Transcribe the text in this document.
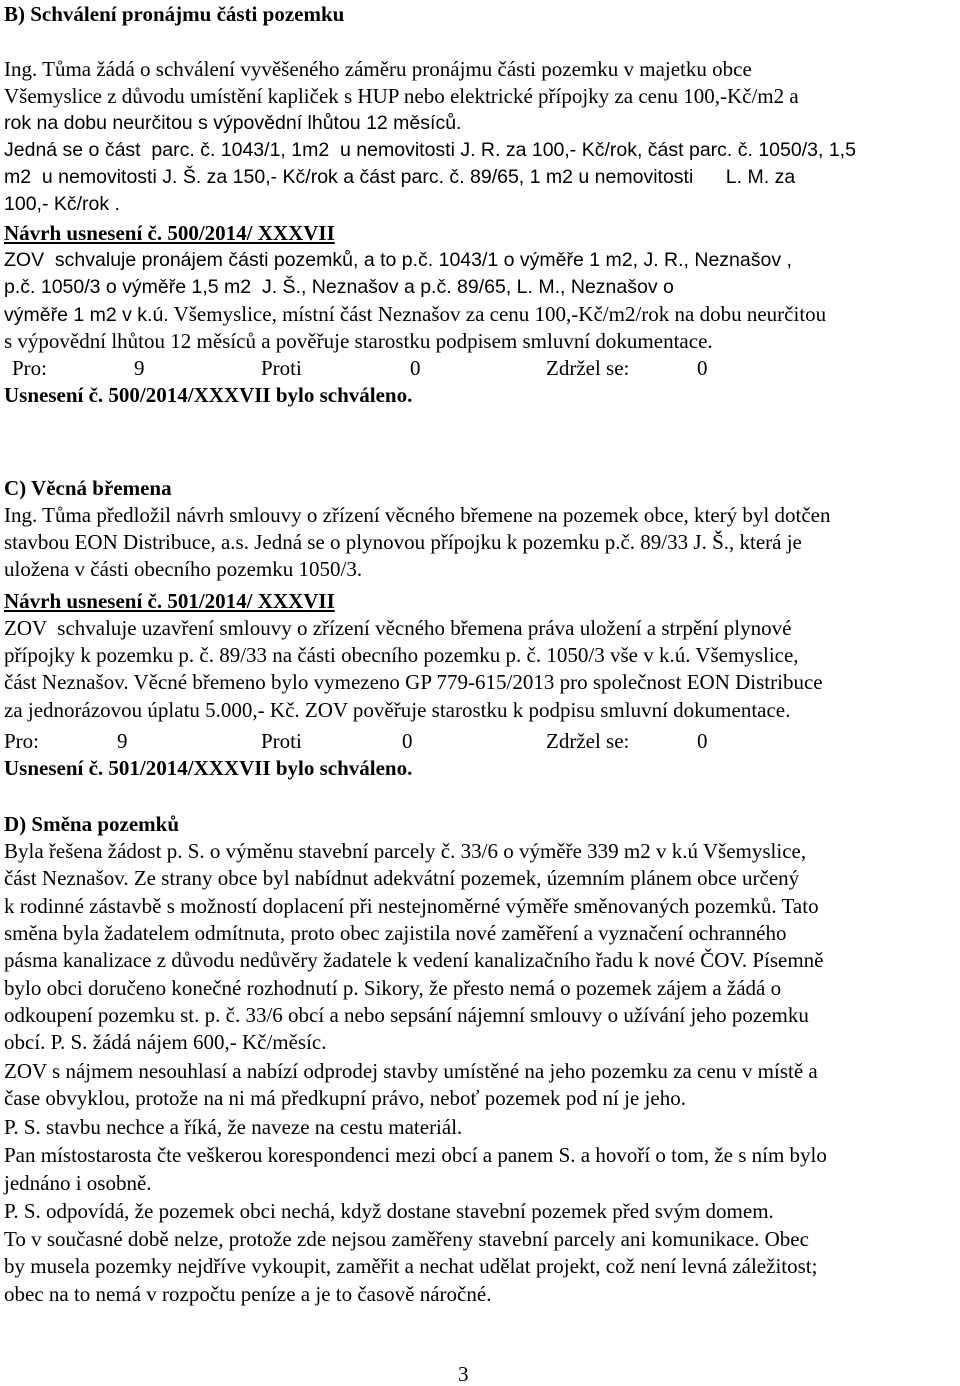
B) Schválení pronájmu části pozemku
Ing. Tůma žádá o schválení vyvěšeného záměru pronájmu části pozemku v majetku obce
Všemyslice z důvodu umístění kapliček s HUP nebo elektrické přípojky za cenu 100,-Kč/m2 a
rok na dobu neurčitou s výpovědní lhůtou 12 měsíců.
Jedná se o část  parc. č. 1043/1, 1m2  u nemovitosti J. R. za 100,- Kč/rok, část parc. č. 1050/3, 1,5
m2  u nemovitosti J. Š. za 150,- Kč/rok a část parc. č. 89/65, 1 m2 u nemovitosti      L. M. za
100,- Kč/rok .
Návrh usnesení č. 500/2014/ XXXVII
ZOV  schvaluje pronájem části pozemků, a to p.č. 1043/1 o výměře 1 m2, J. R., Neznašov ,
p.č. 1050/3 o výměře 1,5 m2  J. Š., Neznašov a p.č. 89/65, L. M., Neznašov o
výměře 1 m2 v k.ú. Všemyslice, místní část Neznašov za cenu 100,-Kč/m2/rok na dobu neurčitou
s výpovědní lhůtou 12 měsíců a pověřuje starostku podpisem smluvní dokumentace.
Pro:	9	Proti	0	Zdržel se:	0
Usnesení č. 500/2014/XXXVII bylo schváleno.
C) Věcná břemena
Ing. Tůma předložil návrh smlouvy o zřízení věcného břemene na pozemek obce, který byl dotčen
stavbou EON Distribuce, a.s. Jedná se o plynovou přípojku k pozemku p.č. 89/33 J. Š., která je
uložena v části obecního pozemku 1050/3.
Návrh usnesení č. 501/2014/ XXXVII
ZOV  schvaluje uzavření smlouvy o zřízení věcného břemena práva uložení a strpění plynové
přípojky k pozemku p. č. 89/33 na části obecního pozemku p. č. 1050/3 vše v k.ú. Všemyslice,
část Neznašov. Věcné břemeno bylo vymezeno GP 779-615/2013 pro společnost EON Distribuce
za jednorázovou úplatu 5.000,- Kč. ZOV pověřuje starostku k podpisu smluvní dokumentace.
Pro:	9	Proti	0	Zdržel se:	0
Usnesení č. 501/2014/XXXVII bylo schváleno.
D) Směna pozemků
Byla řešena žádost p. S. o výměnu stavební parcely č. 33/6 o výměře 339 m2 v k.ú Všemyslice,
část Neznašov. Ze strany obce byl nabídnut adekvátní pozemek, územním plánem obce určený
k rodinné zástavbě s možností doplacení při nestejnoměrné výměře směnovaných pozemků. Tato
směna byla žadatelem odmítnuta, proto obec zajistila nové zaměření a vyznačení ochranného
pásma kanalizace z důvodu nedůvěry žadatele k vedení kanalizačního řadu k nové ČOV. Písemně
bylo obci doručeno konečné rozhodnutí p. Sikory, že přesto nemá o pozemek zájem a žádá o
odkoupení pozemku st. p. č. 33/6 obcí a nebo sepsání nájemní smlouvy o užívání jeho pozemku
obcí. P. S. žádá nájem 600,- Kč/měsíc.
ZOV s nájmem nesouhlasí a nabízí odprodej stavby umístěné na jeho pozemku za cenu v místě a
čase obvyklou, protože na ni má předkupní právo, neboť pozemek pod ní je jeho.
P. S. stavbu nechce a říká, že naveze na cestu materiál.
Pan místostarosta čte veškerou korespondenci mezi obcí a panem S. a hovoří o tom, že s ním bylo
jednáno i osobně.
P. S. odpovídá, že pozemek obci nechá, když dostane stavební pozemek před svým domem.
To v současné době nelze, protože zde nejsou zaměřeny stavební parcely ani komunikace. Obec
by musela pozemky nejdříve vykoupit, zaměřit a nechat udělat projekt, což není levná záležitost;
obec na to nemá v rozpočtu peníze a je to časově náročné.
3
